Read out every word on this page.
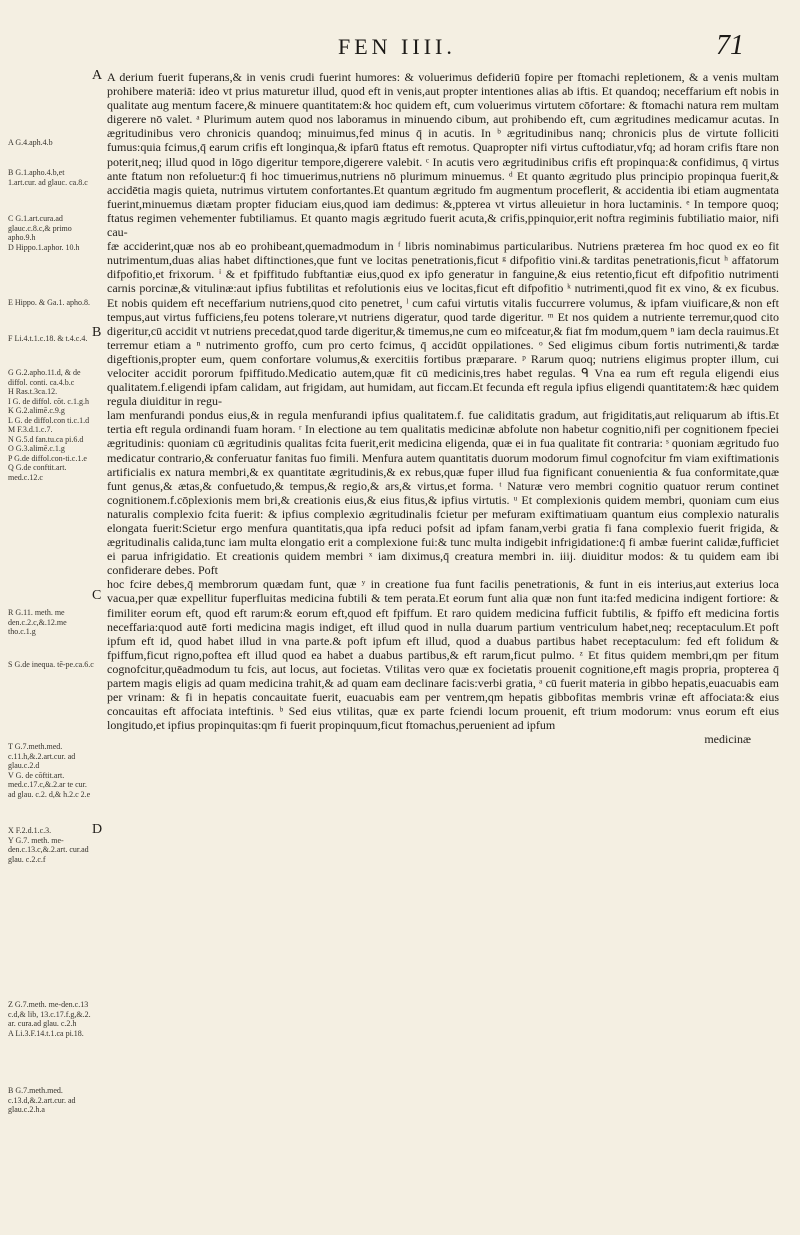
FEN IIII.	71
A
B
C
D
A G.4.aph.4.b
B G.1.apho.4.b,et 1.art.cur. ad glauc. ca.8.c
C G.1.art.cura.ad glauc.c.8.c,& primo apho.9.h
D Hippo.1.aphor. 10.h
E Hippo. & Ga.1. apho.8.
F Li.4.t.1.c.18. & t.4.c.4.
G G.2.apho.11.d, & de diffol. conti. ca.4.b.c
H Ras.t.3ca.12.
I G. de diffol. cōt. c.1.g.h
K G.2.alimē.c.9.g
L G. de diffol.con ti.c.1.d
M F.3.d.1.c.7.
N G.5.d fan.tu.ca pi.6.d
O G.3.alimē.c.1.g
P G.de diffol.con-ti.c.1.e
Q G.de conftit.art. med.c.12.c
R G.11. meth. me den.c.2.c,&.12.me tho.c.1.g
S G.de inequa. tē-pe.ca.6.c
T G.7.meth.med. c.11.h,&.2.art.cur. ad glau.c.2.d
V G. de cōftit.art. med.c.17.c,&.2.ar te cur. ad glau. c.2. d,& h.2.c 2.e
X F.2.d.1.c.3.
Y G.7. meth. me-den.c.13.c,&.2.art. cur.ad glau. c.2.c.f
Z G.7.meth. me-den.c.13 c.d,& lib, 13.c.17.f.g,&.2. ar. cura.ad glau. c.2.h
A Li.3.F.14.t.1.ca pi.18.
B G.7.meth.med. c.13.d,&.2.art.cur. ad glau.c.2.h.a

A derium fuerit fuperans,& in venis crudi fuerint humores: & voluerimus defideriū fopire per ftomachi repletionem, & a venis multam prohibere materiā: ideo vt prius maturetur illud, quod eft in venis,aut propter intentiones alias ab iftis. Et quandoq; neceffarium eft nobis in qualitate aug mentum facere,& minuere quantitatem:& hoc quidem eft, cum voluerimus virtutem cōfortare: & ftomachi natura rem multam digerere nō valet. ᵃ Plurimum autem quod nos laboramus in minuendo cibum, aut prohibendo eft, cum ægritudines medicamur acutas. In ægritudinibus vero chronicis quandoq; minuimus,fed minus q̄ in acutis. In ᵇ ægritudinibus nanq; chronicis plus de virtute folliciti fumus:quia fcimus,q̄ earum crifis eft longinqua,& ipfarū ftatus eft remotus. Quapropter nifi virtus cuftodiatur,vfq; ad horam crifis ftare non poterit,neq; illud quod in lōgo digeritur tempore,digerere valebit. ᶜ In acutis vero ægritudinibus crifis eft propinqua:& confidimus, q̄ virtus ante ftatum non refoluetur:q̄ fi hoc timuerimus,nutriens nō plurimum minuemus. ᵈ Et quanto ægritudo plus principio propinqua fuerit,& accidētia magis quieta, nutrimus virtutem confortantes.Et quantum ægritudo fm augmentum proceflerit, & accidentia ibi etiam augmentata fuerint,minuemus diætam propter fiduciam eius,quod iam dedimus: &,ppterea vt virtus alleuietur in hora luctaminis. ᵉ In tempore quoq; ftatus regimen vehementer fubtiliamus. Et quanto magis ægritudo fuerit acuta,& crifis,ppinquior,erit noftra regiminis fubtiliatio maior, nifi cau-

fæ acciderint,quæ nos ab eo prohibeant,quemadmodum in ᶠ libris nominabimus particularibus. Nutriens præterea fm hoc quod ex eo fit nutrimentum,duas alias habet diftinctiones,que funt ve locitas penetrationis,ficut ᵍ difpofitio vini.& tarditas penetrationis,ficut ʰ affatorum difpofitio,et frixorum. ⁱ & et fpiffitudo fubftantiæ eius,quod ex ipfo generatur in fanguine,& eius retentio,ficut eft difpofitio nutrimenti carnis porcinæ,& vitulinæ:aut ipfius fubtilitas et refolutionis eius ve locitas,ficut eft difpofitio ᵏ nutrimenti,quod fit ex vino, & ex ficubus. Et nobis quidem eft neceffarium nutriens,quod cito penetret, ˡ cum cafui virtutis vitalis fuccurrere volumus, & ipfam viuificare,& non eft tempus,aut virtus fufficiens,feu potens tolerare,vt nutriens digeratur, quod tarde digeritur. ᵐ Et nos quidem a nutriente terremur,quod cito digeritur,cū accidit vt nutriens precedat,quod tarde digeritur,& timemus,ne cum eo mifceatur,& fiat fm modum,quem ⁿ iam decla rauimus.Et terremur etiam a ⁿ nutrimento groffo, cum pro certo fcimus, q̄ accidūt oppilationes. ᵒ Sed eligimus cibum fortis nutrimenti,& tardæ digeftionis,propter eum, quem confortare volumus,& exercitiis fortibus præparare. ᵖ Rarum quoq; nutriens eligimus propter illum, cui velociter accidit pororum fpiffitudo.Medicatio autem,quæ fit cū medicinis,tres habet regulas. ᑫ Vna ea rum eft regula eligendi eius qualitatem.f.eligendi ipfam calidam, aut frigidam, aut humidam, aut ficcam.Et fecunda eft regula ipfius eligendi quantitatem:& hæc quidem regula diuiditur in regu-

lam menfurandi pondus eius,& in regula menfurandi ipfius qualitatem.f. fue caliditatis gradum, aut frigiditatis,aut reliquarum ab iftis.Et tertia eft regula ordinandi fuam horam. ʳ In electione au tem qualitatis medicinæ abfolute non habetur cognitio,nifi per cognitionem fpeciei ægritudinis: quoniam cū ægritudinis qualitas fcita fuerit,erit medicina eligenda, quæ ei in fua qualitate fit contraria: ˢ quoniam ægritudo fuo medicatur contrario,& conferuatur fanitas fuo fimili. Menfura autem quantitatis duorum modorum fimul cognofcitur fm viam exiftimationis artificialis ex natura membri,& ex quantitate ægritudinis,& ex rebus,quæ fuper illud fua fignificant conuenientia & fua conformitate,quæ funt genus,& ætas,& confuetudo,& tempus,& regio,& ars,& virtus,et forma. ᵗ Naturæ vero membri cognitio quatuor rerum continet cognitionem.f.cōplexionis mem bri,& creationis eius,& eius fitus,& ipfius virtutis. ᵘ Et complexionis quidem membri, quoniam cum eius naturalis complexio fcita fuerit: & ipfius complexio ægritudinalis fcietur per mefuram exiftimatiuam quantum eius complexio naturalis elongata fuerit:Scietur ergo menfura quantitatis,qua ipfa reduci pofsit ad ipfam fanam,verbi gratia fi fana complexio fuerit frigida, & ægritudinalis calida,tunc iam multa elongatio erit a complexione fui:& tunc multa indigebit infrigidatione:q̄ fi ambæ fuerint calidæ,fufficiet ei parua infrigidatio. Et creationis quidem membri ˣ iam diximus,q̄ creatura membri in. iiij. diuiditur modos: & tu quidem eam ibi confiderare debes. Poft

hoc fcire debes,q̄ membrorum quædam funt, quæ ʸ in creatione fua funt facilis penetrationis, & funt in eis interius,aut exterius loca vacua,per quæ expellitur fuperfluitas medicina fubtili & tem perata.Et eorum funt alia quæ non funt ita:fed medicina indigent fortiore: & fimiliter eorum eft, quod eft rarum:& eorum eft,quod eft fpiffum. Et raro quidem medicina fufficit fubtilis, & fpiffo eft medicina fortis neceffaria:quod autē forti medicina magis indiget, eft illud quod in nulla duarum partium ventriculum habet,neq; receptaculum.Et poft ipfum eft id, quod habet illud in vna parte.& poft ipfum eft illud, quod a duabus partibus habet receptaculum: fed eft folidum & fpiffum,ficut rigno,poftea eft illud quod ea habet a duabus partibus,& eft rarum,ficut pulmo. ᶻ Et fitus quidem membri,qm per fitum cognofcitur,quēadmodum tu fcis, aut locus, aut focietas. Vtilitas vero quæ ex focietatis prouenit cognitione,eft magis propria, propterea q̄ partem magis eligis ad quam medicina trahit,& ad quam eam declinare facis:verbi gratia, ᵃ cū fuerit materia in gibbo hepatis,euacuabis eam per vrinam: & fi in hepatis concauitate fuerit, euacuabis eam per ventrem,qm hepatis gibbofitas membris vrinæ eft affociata:& eius concauitas eft affociata inteftinis. ᵇ Sed eius vtilitas, quæ ex parte fciendi locum prouenit, eft trium modorum: vnus eorum eft eius longitudo,et ipfius propinquitas:qm fi fuerit propinquum,ficut ftomachus,peruenient ad ipfum

medicinæ
